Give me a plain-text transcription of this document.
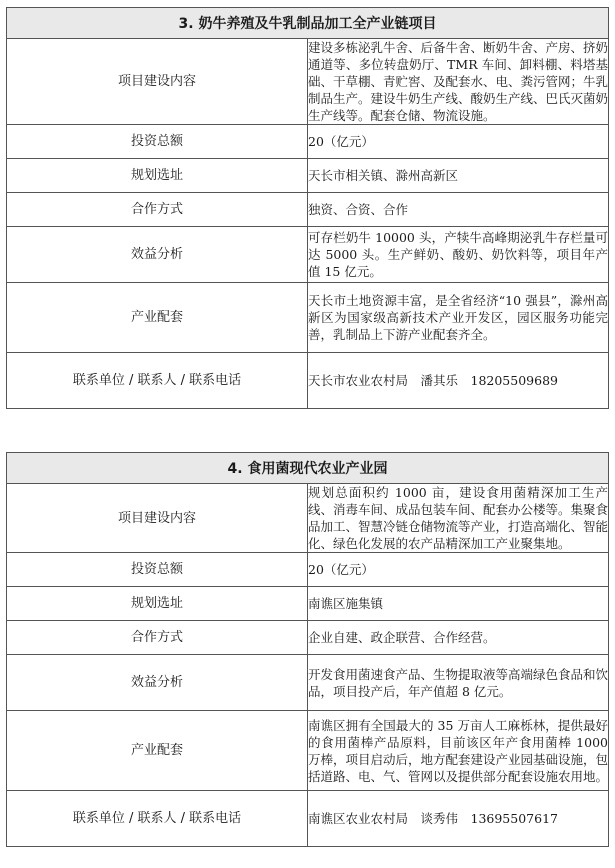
3. 奶牛养殖及牛乳制品加工全产业链项目	
项目建设内容	建设多栋泌乳牛舍、后备牛舍、断奶牛舍、产房、挤奶通道等、多位转盘奶厅、TMR 车间、卸料棚、料塔基础、干草棚、青贮窖、及配套水、电、粪污管网；牛乳制品生产。建设牛奶生产线、酸奶生产线、巴氏灭菌奶生产线等。配套仓储、物流设施。
投资总额	20（亿元）
规划选址	天长市相关镇、滁州高新区
合作方式	独资、合资、合作
效益分析	可存栏奶牛 10000 头，产犊牛高峰期泌乳牛存栏量可达 5000 头。生产鲜奶、酸奶、奶饮料等，项目年产值 15 亿元。
产业配套	天长市土地资源丰富，是全省经济“10 强县”，滁州高新区为国家级高新技术产业开发区，园区服务功能完善，乳制品上下游产业配套齐全。
联系单位 / 联系人 / 联系电话	天长市农业农村局　潘其乐　18205509689
4. 食用菌现代农业产业园	
项目建设内容	规划总面积约 1000 亩，建设食用菌精深加工生产线、消毒车间、成品包装车间、配套办公楼等。集聚食品加工、智慧冷链仓储物流等产业，打造高端化、智能化、绿色化发展的农产品精深加工产业聚集地。
投资总额	20（亿元）
规划选址	南谯区施集镇
合作方式	企业自建、政企联营、合作经营。
效益分析	开发食用菌速食产品、生物提取液等高端绿色食品和饮品，项目投产后，年产值超 8 亿元。
产业配套	南谯区拥有全国最大的 35 万亩人工麻栎林，提供最好的食用菌棒产品原料，目前该区年产食用菌棒 1000 万棒，项目启动后，地方配套建设产业园基础设施，包括道路、电、气、管网以及提供部分配套设施农用地。
联系单位 / 联系人 / 联系电话	南谯区农业农村局　谈秀伟　13695507617
